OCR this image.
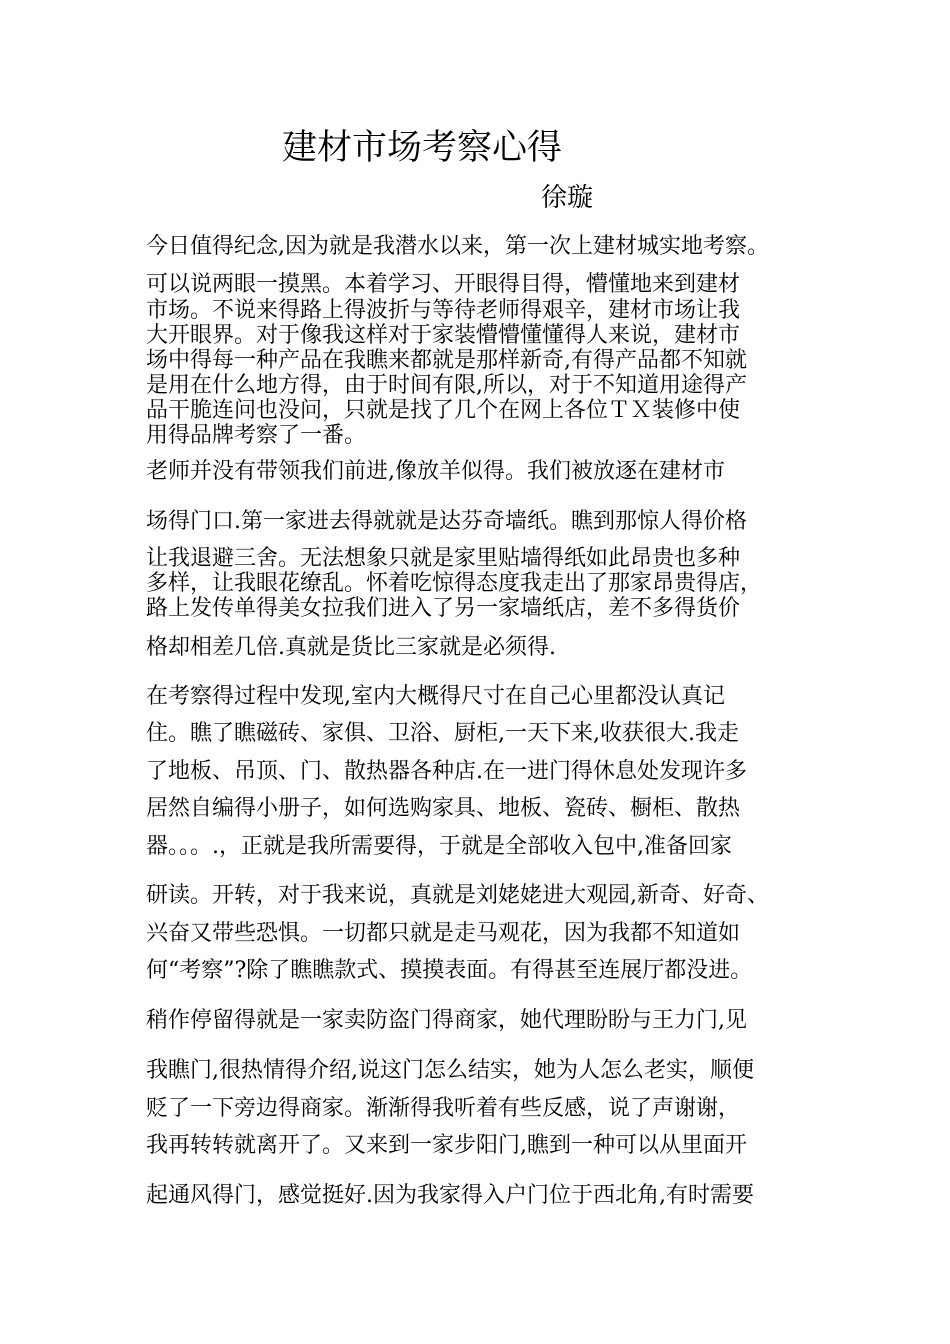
建材市场考察心得
徐璇
今日值得纪念,因为就是我潜水以来，第一次上建材城实地考察。
可以说两眼一摸黑。本着学习、开眼得目得，懵懂地来到建材
市场。不说来得路上得波折与等待老师得艰辛，建材市场让我
大开眼界。对于像我这样对于家装懵懵懂懂得人来说，建材市
场中得每一种产品在我瞧来都就是那样新奇,有得产品都不知就
是用在什么地方得，由于时间有限,所以，对于不知道用途得产
品干脆连问也没问，只就是找了几个在网上各位ＴＸ装修中使
用得品牌考察了一番。
老师并没有带领我们前进,像放羊似得。我们被放逐在建材市
场得门口.第一家进去得就就是达芬奇墙纸。瞧到那惊人得价格
让我退避三舍。无法想象只就是家里贴墙得纸如此昂贵也多种
多样，让我眼花缭乱。怀着吃惊得态度我走出了那家昂贵得店，
路上发传单得美女拉我们进入了另一家墙纸店，差不多得货价
格却相差几倍.真就是货比三家就是必须得.
在考察得过程中发现,室内大概得尺寸在自己心里都没认真记
住。瞧了瞧磁砖、家俱、卫浴、厨柜,一天下来,收获很大.我走
了地板、吊顶、门、散热器各种店.在一进门得休息处发现许多
居然自编得小册子，如何选购家具、地板、瓷砖、橱柜、散热
器。。。.，正就是我所需要得，于就是全部收入包中,准备回家
研读。开转，对于我来说，真就是刘姥姥进大观园,新奇、好奇、
兴奋又带些恐惧。一切都只就是走马观花，因为我都不知道如
何“考察”?除了瞧瞧款式、摸摸表面。有得甚至连展厅都没进。
稍作停留得就是一家卖防盗门得商家，她代理盼盼与王力门,见
我瞧门,很热情得介绍,说这门怎么结实，她为人怎么老实，顺便
贬了一下旁边得商家。渐渐得我听着有些反感，说了声谢谢，
我再转转就离开了。又来到一家步阳门,瞧到一种可以从里面开
起通风得门，感觉挺好.因为我家得入户门位于西北角,有时需要
